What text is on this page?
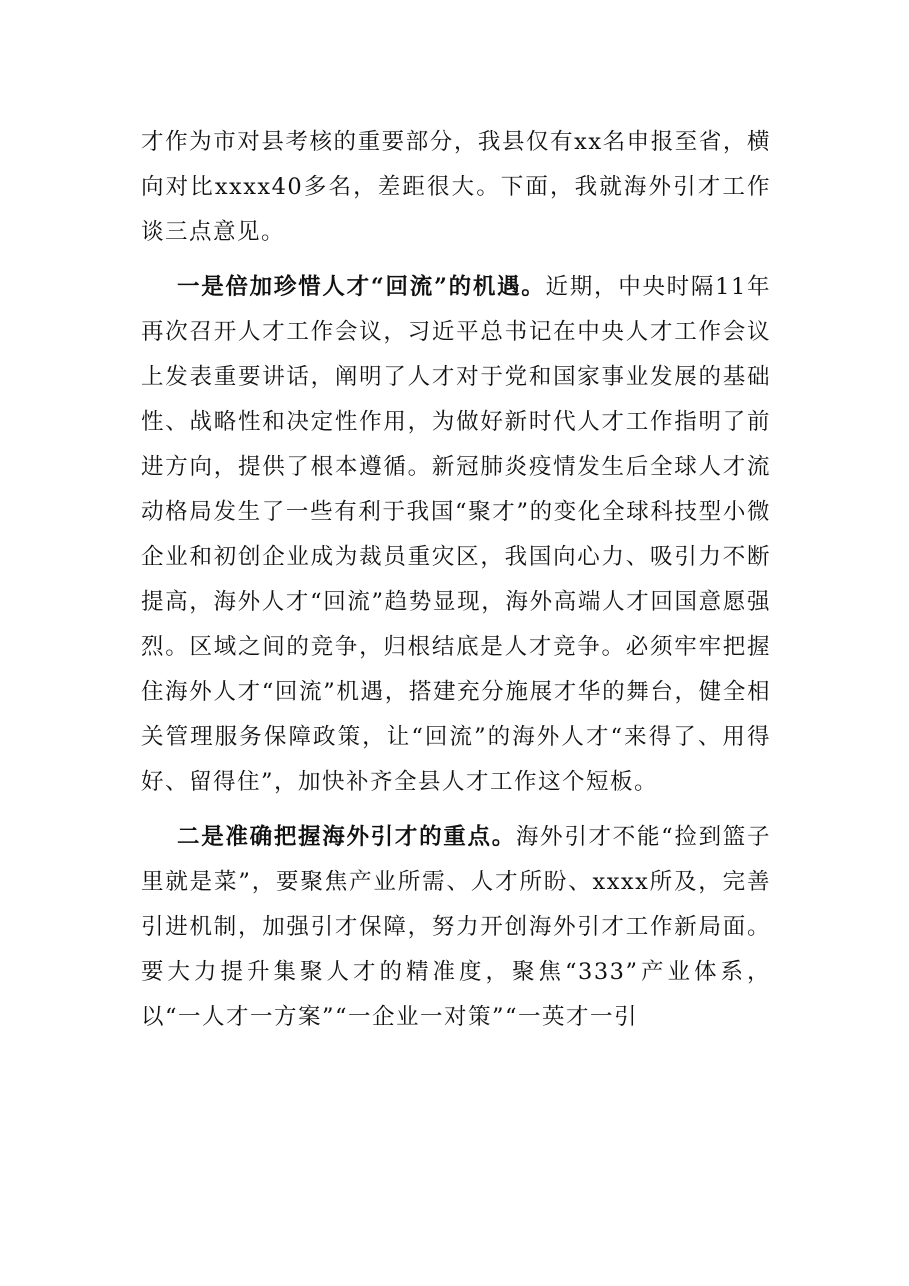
才作为市对县考核的重要部分，我县仅有xx名申报至省，横向对比xxxx40多名，差距很大。下面，我就海外引才工作谈三点意见。

一是倍加珍惜人才“回流”的机遇。近期，中央时隔11年再次召开人才工作会议，习近平总书记在中央人才工作会议上发表重要讲话，阐明了人才对于党和国家事业发展的基础性、战略性和决定性作用，为做好新时代人才工作指明了前进方向，提供了根本遵循。新冠肺炎疫情发生后全球人才流动格局发生了一些有利于我国“聚才”的变化全球科技型小微企业和初创企业成为裁员重灾区，我国向心力、吸引力不断提高，海外人才“回流”趋势显现，海外高端人才回国意愿强烈。区域之间的竞争，归根结底是人才竞争。必须牢牢把握住海外人才“回流”机遇，搭建充分施展才华的舞台，健全相关管理服务保障政策，让“回流”的海外人才“来得了、用得好、留得住”，加快补齐全县人才工作这个短板。

二是准确把握海外引才的重点。海外引才不能“捡到篮子里就是菜”，要聚焦产业所需、人才所盼、xxxx所及，完善引进机制，加强引才保障，努力开创海外引才工作新局面。要大力提升集聚人才的精准度，聚焦“333”产业体系，以“一人才一方案”“一企业一对策”“一英才一引
